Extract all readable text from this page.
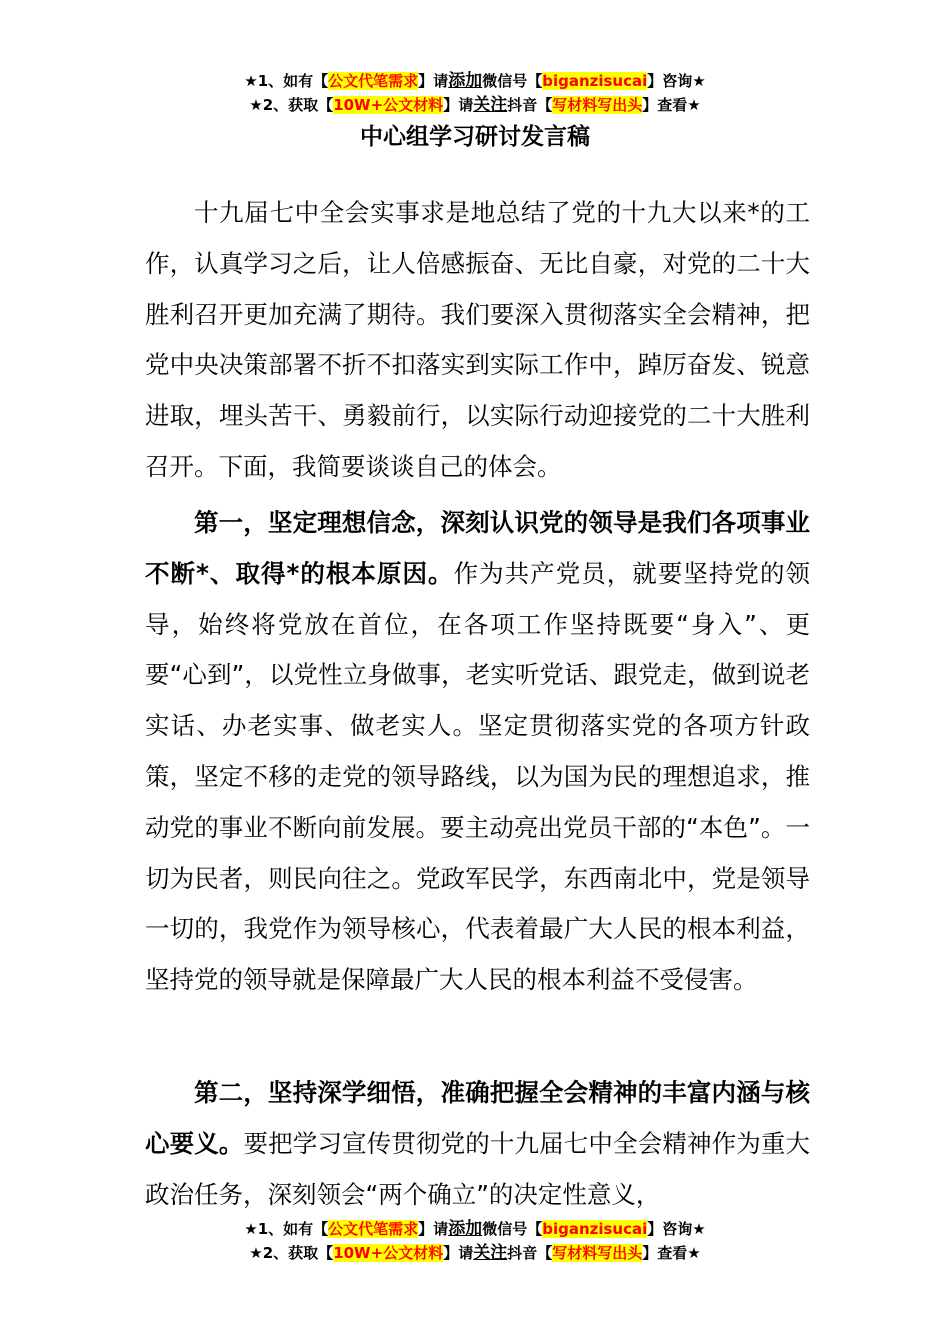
★1、如有【公文代笔需求】请添加微信号【biganzisucai】咨询★
★2、获取【10W+公文材料】请关注抖音【写材料写出头】查看★
中心组学习研讨发言稿

十九届七中全会实事求是地总结了党的十九大以来*的工作，认真学习之后，让人倍感振奋、无比自豪，对党的二十大胜利召开更加充满了期待。我们要深入贯彻落实全会精神，把党中央决策部署不折不扣落实到实际工作中，踔厉奋发、锐意进取，埋头苦干、勇毅前行，以实际行动迎接党的二十大胜利召开。下面，我简要谈谈自己的体会。

第一，坚定理想信念，深刻认识党的领导是我们各项事业不断*、取得*的根本原因。作为共产党员，就要坚持党的领导，始终将党放在首位，在各项工作坚持既要“身入”、更要“心到”，以党性立身做事，老实听党话、跟党走，做到说老实话、办老实事、做老实人。坚定贯彻落实党的各项方针政策，坚定不移的走党的领导路线，以为国为民的理想追求，推动党的事业不断向前发展。要主动亮出党员干部的“本色”。一切为民者，则民向往之。党政军民学，东西南北中，党是领导一切的，我党作为领导核心，代表着最广大人民的根本利益，坚持党的领导就是保障最广大人民的根本利益不受侵害。

第二，坚持深学细悟，准确把握全会精神的丰富内涵与核心要义。要把学习宣传贯彻党的十九届七中全会精神作为重大政治任务，深刻领会“两个确立”的决定性意义，

★1、如有【公文代笔需求】请添加微信号【biganzisucai】咨询★
★2、获取【10W+公文材料】请关注抖音【写材料写出头】查看★
